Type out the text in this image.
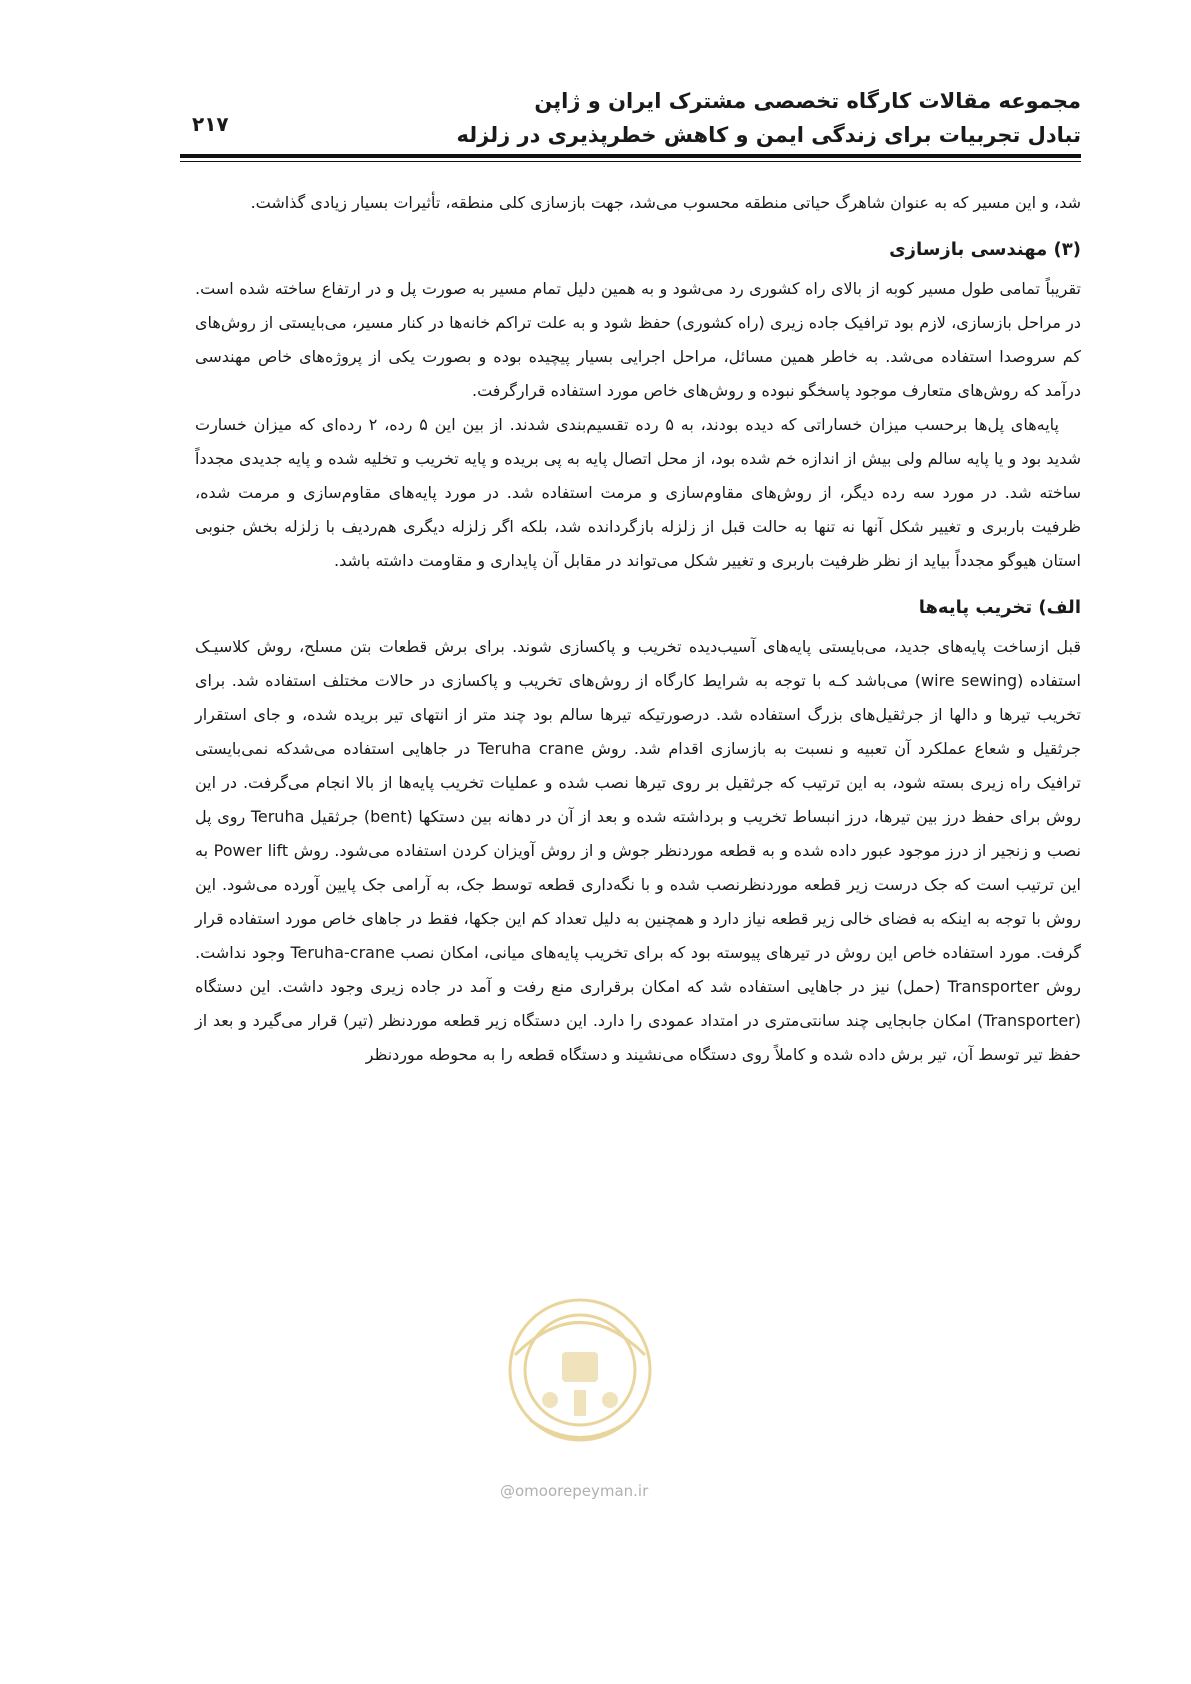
مجموعه مقالات کارگاه تخصصی مشترک ایران و ژاپن
تبادل تجربیات برای زندگی ایمن و کاهش خطرپذیری در زلزله
۲۱۷

شد، و این مسیر که به عنوان شاهرگ حیاتی منطقه محسوب می‌شد، جهت بازسازی کلی منطقه، تأثیرات بسیار زیادی گذاشت.

(۳) مهندسی بازسازی

تقریباً تمامی طول مسیر کوبه از بالای راه کشوری رد می‌شود و به همین دلیل تمام مسیر به صورت پل و در ارتفاع ساخته شده است. در مراحل بازسازی، لازم بود ترافیک جاده زیری (راه کشوری) حفظ شود و به علت تراکم خانه‌ها در کنار مسیر، می‌بایستی از روش‌های کم سروصدا استفاده می‌شد. به خاطر همین مسائل، مراحل اجرایی بسیار پیچیده بوده و بصورت یکی از پروژه‌های خاص مهندسی درآمد که روش‌های متعارف موجود پاسخگو نبوده و روش‌های خاص مورد استفاده قرارگرفت.

پایه‌های پل‌ها برحسب میزان خساراتی که دیده بودند، به ۵ رده تقسیم‌بندی شدند. از بین این ۵ رده، ۲ رده‌ای که میزان خسارت شدید بود و یا پایه سالم ولی بیش از اندازه خم شده بود، از محل اتصال پایه به پی بریده و پایه تخریب و تخلیه شده و پایه جدیدی مجدداً ساخته شد. در مورد سه رده دیگر، از روش‌های مقاوم‌سازی و مرمت استفاده شد. در مورد پایه‌های مقاوم‌سازی و مرمت شده، ظرفیت باربری و تغییر شکل آنها نه تنها به حالت قبل از زلزله بازگردانده شد، بلکه اگر زلزله دیگری هم‌ردیف با زلزله بخش جنوبی استان هیوگو مجدداً بیاید از نظر ظرفیت باربری و تغییر شکل می‌تواند در مقابل آن پایداری و مقاومت داشته باشد.

الف) تخریب پایه‌ها

قبل ازساخت پایه‌های جدید، می‌بایستی پایه‌های آسیب‌دیده تخریب و پاکسازی شوند. برای برش قطعات بتن مسلح، روش کلاسیـک استفاده (wire sewing) می‌باشد کـه با توجه به شرایط کارگاه از روش‌های تخریب و پاکسازی در حالات مختلف استفاده شد. برای تخریب تیرها و دالها از جرثقیل‌های بزرگ استفاده شد. درصورتیکه تیرها سالم بود چند متر از انتهای تیر بریده شده، و جای استقرار جرثقیل و شعاع عملکرد آن تعبیه و نسبت به بازسازی اقدام شد. روش Teruha crane در جاهایی استفاده می‌شدکه نمی‌بایستی ترافیک راه زیری بسته شود، به این ترتیب که جرثقیل بر روی تیرها نصب شده و عملیات تخریب پایه‌ها از بالا انجام می‌گرفت. در این روش برای حفظ درز بین تیرها، درز انبساط تخریب و برداشته شده و بعد از آن در دهانه بین دستکها (bent) جرثقیل Teruha روی پل نصب و زنجیر از درز موجود عبور داده شده و به قطعه مورد‌نظر جوش و از روش آویزان کردن استفاده می‌شود. روش Power lift به این ترتیب است که جک درست زیر قطعه مورد‌نظرنصب شده و با نگه‌داری قطعه توسط جک، به آرامی جک پایین آورده می‌شود. این روش با توجه به اینکه به فضای خالی زیر قطعه نیاز دارد و همچنین به دلیل تعداد کم این جکها، فقط در جاهای خاص مورد استفاده قرار گرفت. مورد استفاده خاص این روش در تیرهای پیوسته بود که برای تخریب پایه‌های میانی، امکان نصب Teruha-crane وجود نداشت. روش Transporter (حمل) نیز در جاهایی استفاده شد که امکان برقراری منع رفت و آمد در جاده زیری وجود داشت. این دستگاه (Transporter) امکان جابجایی چند سانتی‌متری در امتداد عمودی را دارد. این دستگاه زیر قطعه مورد‌نظر (تیر) قرار می‌گیرد و بعد از حفظ تیر توسط آن، تیر برش داده شده و کاملاً روی دستگاه می‌نشیند و دستگاه قطعه را به محوطه مورد‌نظر

@omoorepeyman.ir
